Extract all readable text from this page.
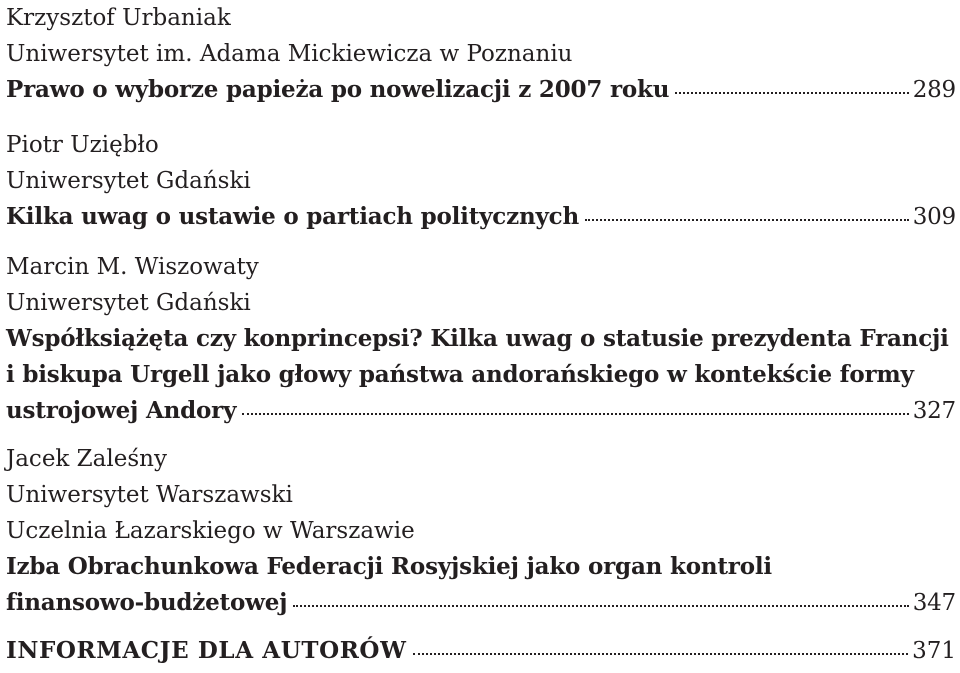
Krzysztof Urbaniak
Uniwersytet im. Adama Mickiewicza w Poznaniu
Prawo o wyborze papieża po nowelizacji z 2007 roku	289
Piotr Uziębło
Uniwersytet Gdański
Kilka uwag o ustawie o partiach politycznych	309
Marcin M. Wiszowaty
Uniwersytet Gdański
Współksiążęta czy konprincepsi? Kilka uwag o statusie prezydenta Francji
i biskupa Urgell jako głowy państwa andorańskiego w kontekście formy
ustrojowej Andory	327
Jacek Zaleśny
Uniwersytet Warszawski
Uczelnia Łazarskiego w Warszawie
Izba Obrachunkowa Federacji Rosyjskiej jako organ kontroli
finansowo-budżetowej	347
INFORMACJE DLA AUTORÓW	371
